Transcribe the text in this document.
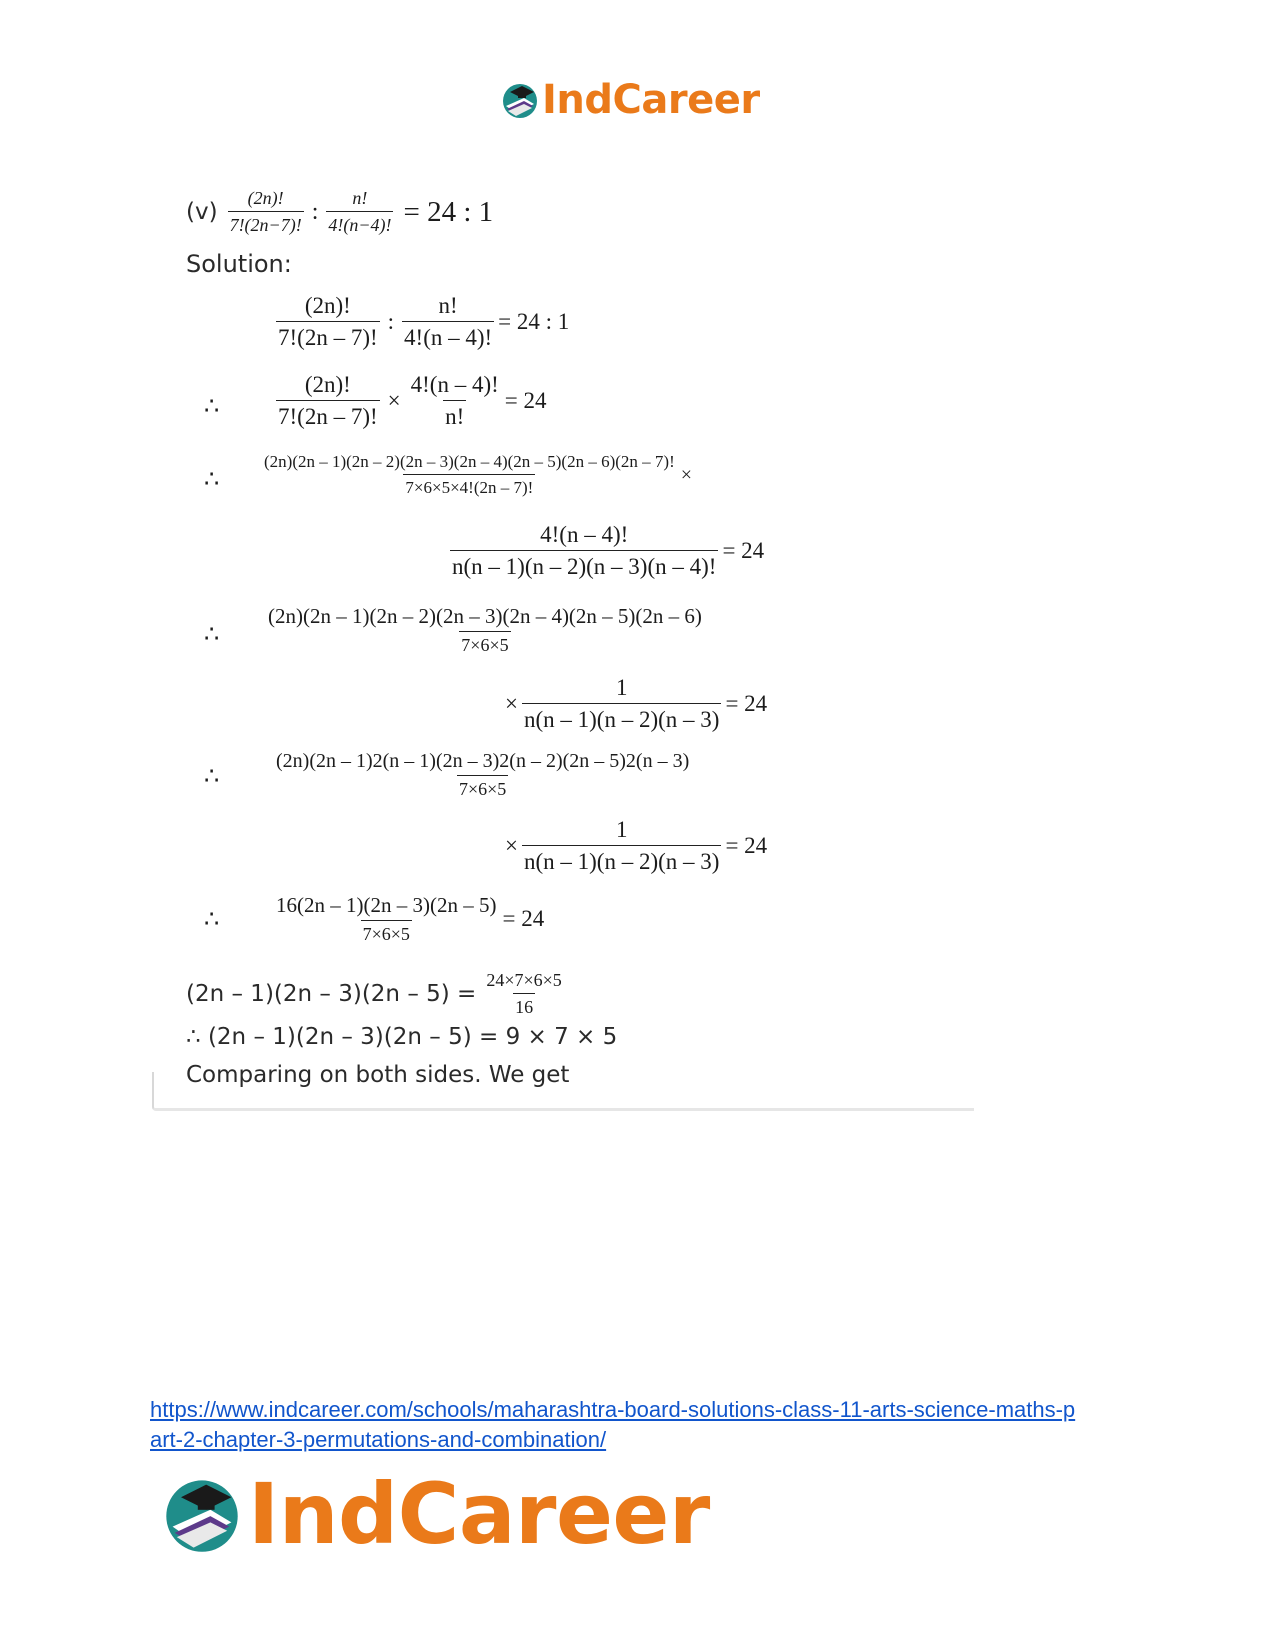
IndCareer
$(v) \frac{(2n)!}{7!(2n-7)!}$ : $\frac{n!}{4!(n-4)!} = 24$ : 1
Solution:
$\frac{(2n)!}{7!(2n - 7)!}$ : $\frac{n!}{4!(n - 4)!} = 24$ : 1
∴ $\frac{(2n)!}{7!(2n - 7)!} \times \frac{4!(n - 4)!}{n!} = 24$
∴
(2n)(2n – 1)(2n – 2)(2n – 3)(2n – 4)(2n – 5)(2n – 6)(2n – 7)!
7×6×5×4!(2n – 7)!
×
$\frac{4!(n - 4)!}{n(n - 1)(n - 2)(n - 3)(n - 4)!} = 24$
∴ $\frac{(2n)(2n - 1)(2n - 2)(2n - 3)(2n - 4)(2n - 5)(2n - 6)}{7\times 6\times 5}$
× $\frac{1}{n(n - 1)(n - 2)(n - 3)} = 24$
∴	$\frac{(2n)(2n - 1)2(n - 1)(2n - 3)2(n - 2)(2n - 5)2(n - 3)}{7\times 6\times 5}$
× $\frac{1}{n(n - 1)(n - 2)(n - 3)} = 24$
∴	$\frac{16(2n - 1)(2n - 3)(2n - 5)}{7\times 6\times 5} = 24$
$(2n - 1)(2n - 3)(2n - 5) = \frac{24\times 7\times 6\times 5}{16}$
∴ (2n – 1)(2n – 3)(2n – 5) = 9 × 7 × 5
Comparing on both sides. We get
https://www.indcareer.com/schools/maharashtra-board-solutions-class-11-arts-science-maths-p
art-2-chapter-3-permutations-and-combination/
IndCareer
